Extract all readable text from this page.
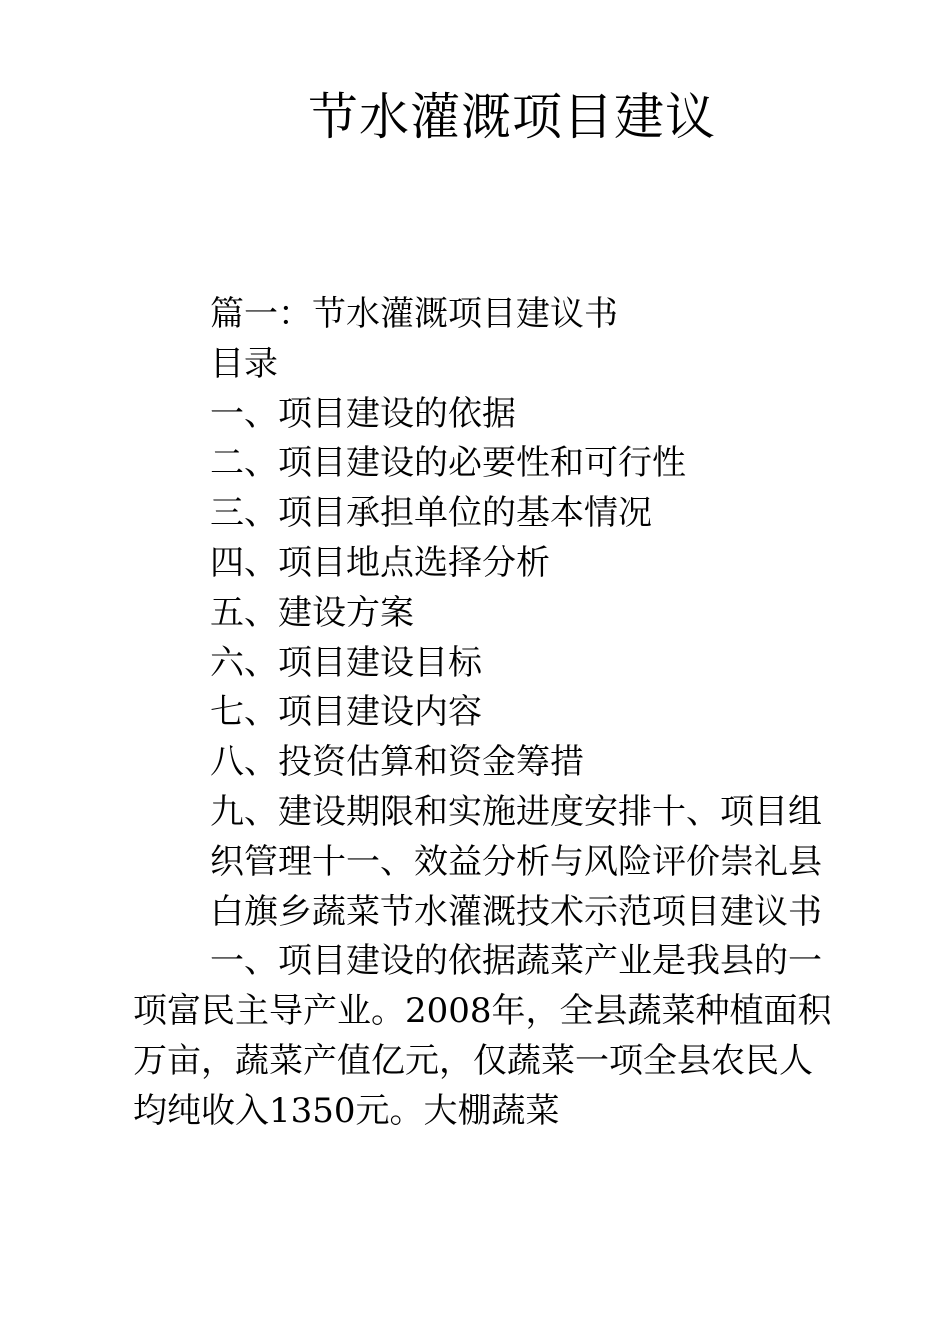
节水灌溉项目建议

篇一：节水灌溉项目建议书

目录

一、项目建设的依据

二、项目建设的必要性和可行性

三、项目承担单位的基本情况

四、项目地点选择分析

五、建设方案

六、项目建设目标

七、项目建设内容

八、投资估算和资金筹措

九、建设期限和实施进度安排十、项目组织管理十一、效益分析与风险评价崇礼县白旗乡蔬菜节水灌溉技术示范项目建议书

一、项目建设的依据蔬菜产业是我县的一项富民主导产业。2008年，全县蔬菜种植面积万亩，蔬菜产值亿元，仅蔬菜一项全县农民人均纯收入1350元。大棚蔬菜
